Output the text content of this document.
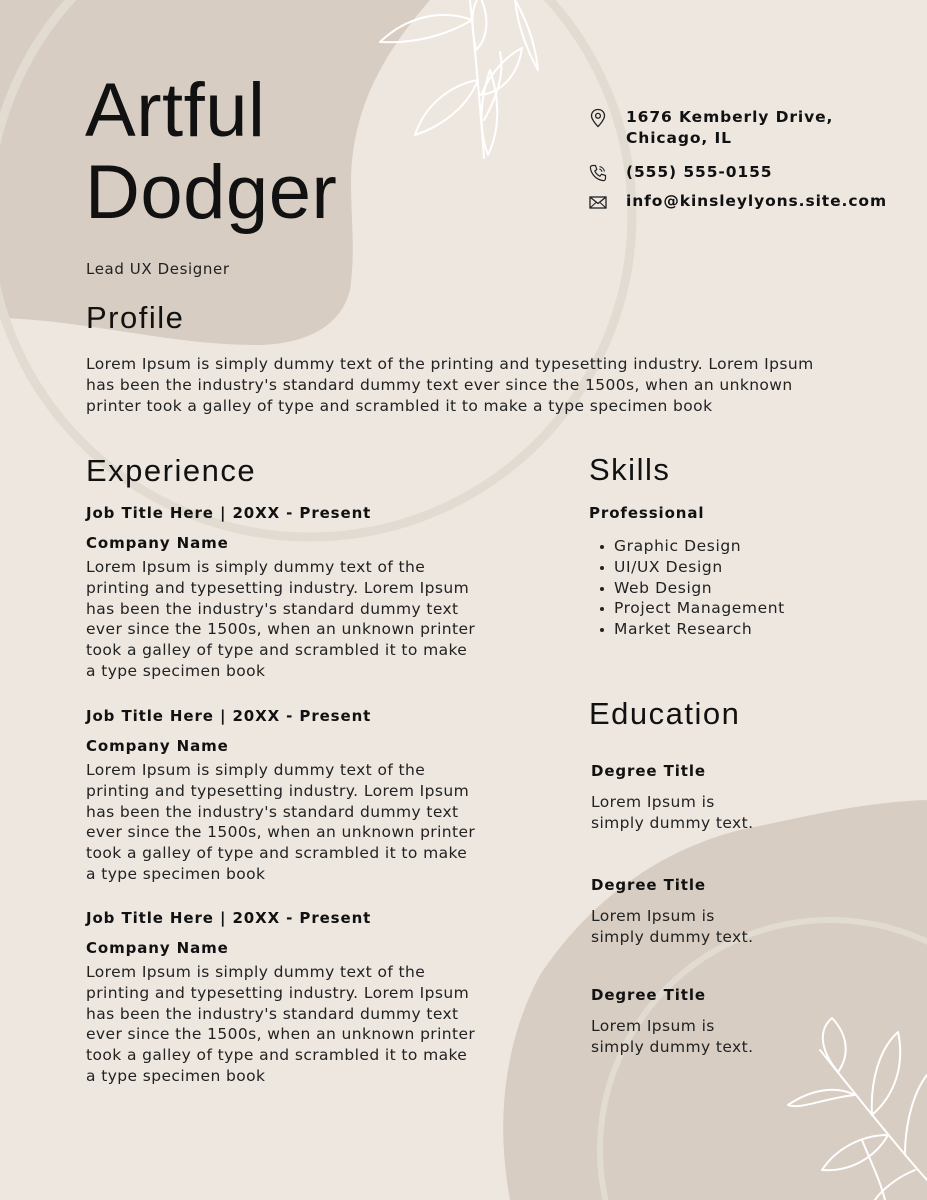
Artful
Dodger
Lead UX Designer
1676 Kemberly Drive,
Chicago, IL
(555) 555-0155
info@kinsleylyons.site.com
Profile
Lorem Ipsum is simply dummy text of the printing and typesetting industry. Lorem Ipsum has been the industry's standard dummy text ever since the 1500s, when an unknown printer took a galley of type and scrambled it to make a type specimen book
Experience
Job Title Here | 20XX - Present
Company Name
Lorem Ipsum is simply dummy text of the printing and typesetting industry. Lorem Ipsum has been the industry's standard dummy text ever since the 1500s, when an unknown printer took a galley of type and scrambled it to make a type specimen book
Job Title Here | 20XX - Present
Company Name
Lorem Ipsum is simply dummy text of the printing and typesetting industry. Lorem Ipsum has been the industry's standard dummy text ever since the 1500s, when an unknown printer took a galley of type and scrambled it to make a type specimen book
Job Title Here | 20XX - Present
Company Name
Lorem Ipsum is simply dummy text of the printing and typesetting industry. Lorem Ipsum has been the industry's standard dummy text ever since the 1500s, when an unknown printer took a galley of type and scrambled it to make a type specimen book
Skills
Professional
Graphic Design
UI/UX Design
Web Design
Project Management
Market Research
Education
Degree Title
Lorem Ipsum is
simply dummy text.
Degree Title
Lorem Ipsum is
simply dummy text.
Degree Title
Lorem Ipsum is
simply dummy text.
